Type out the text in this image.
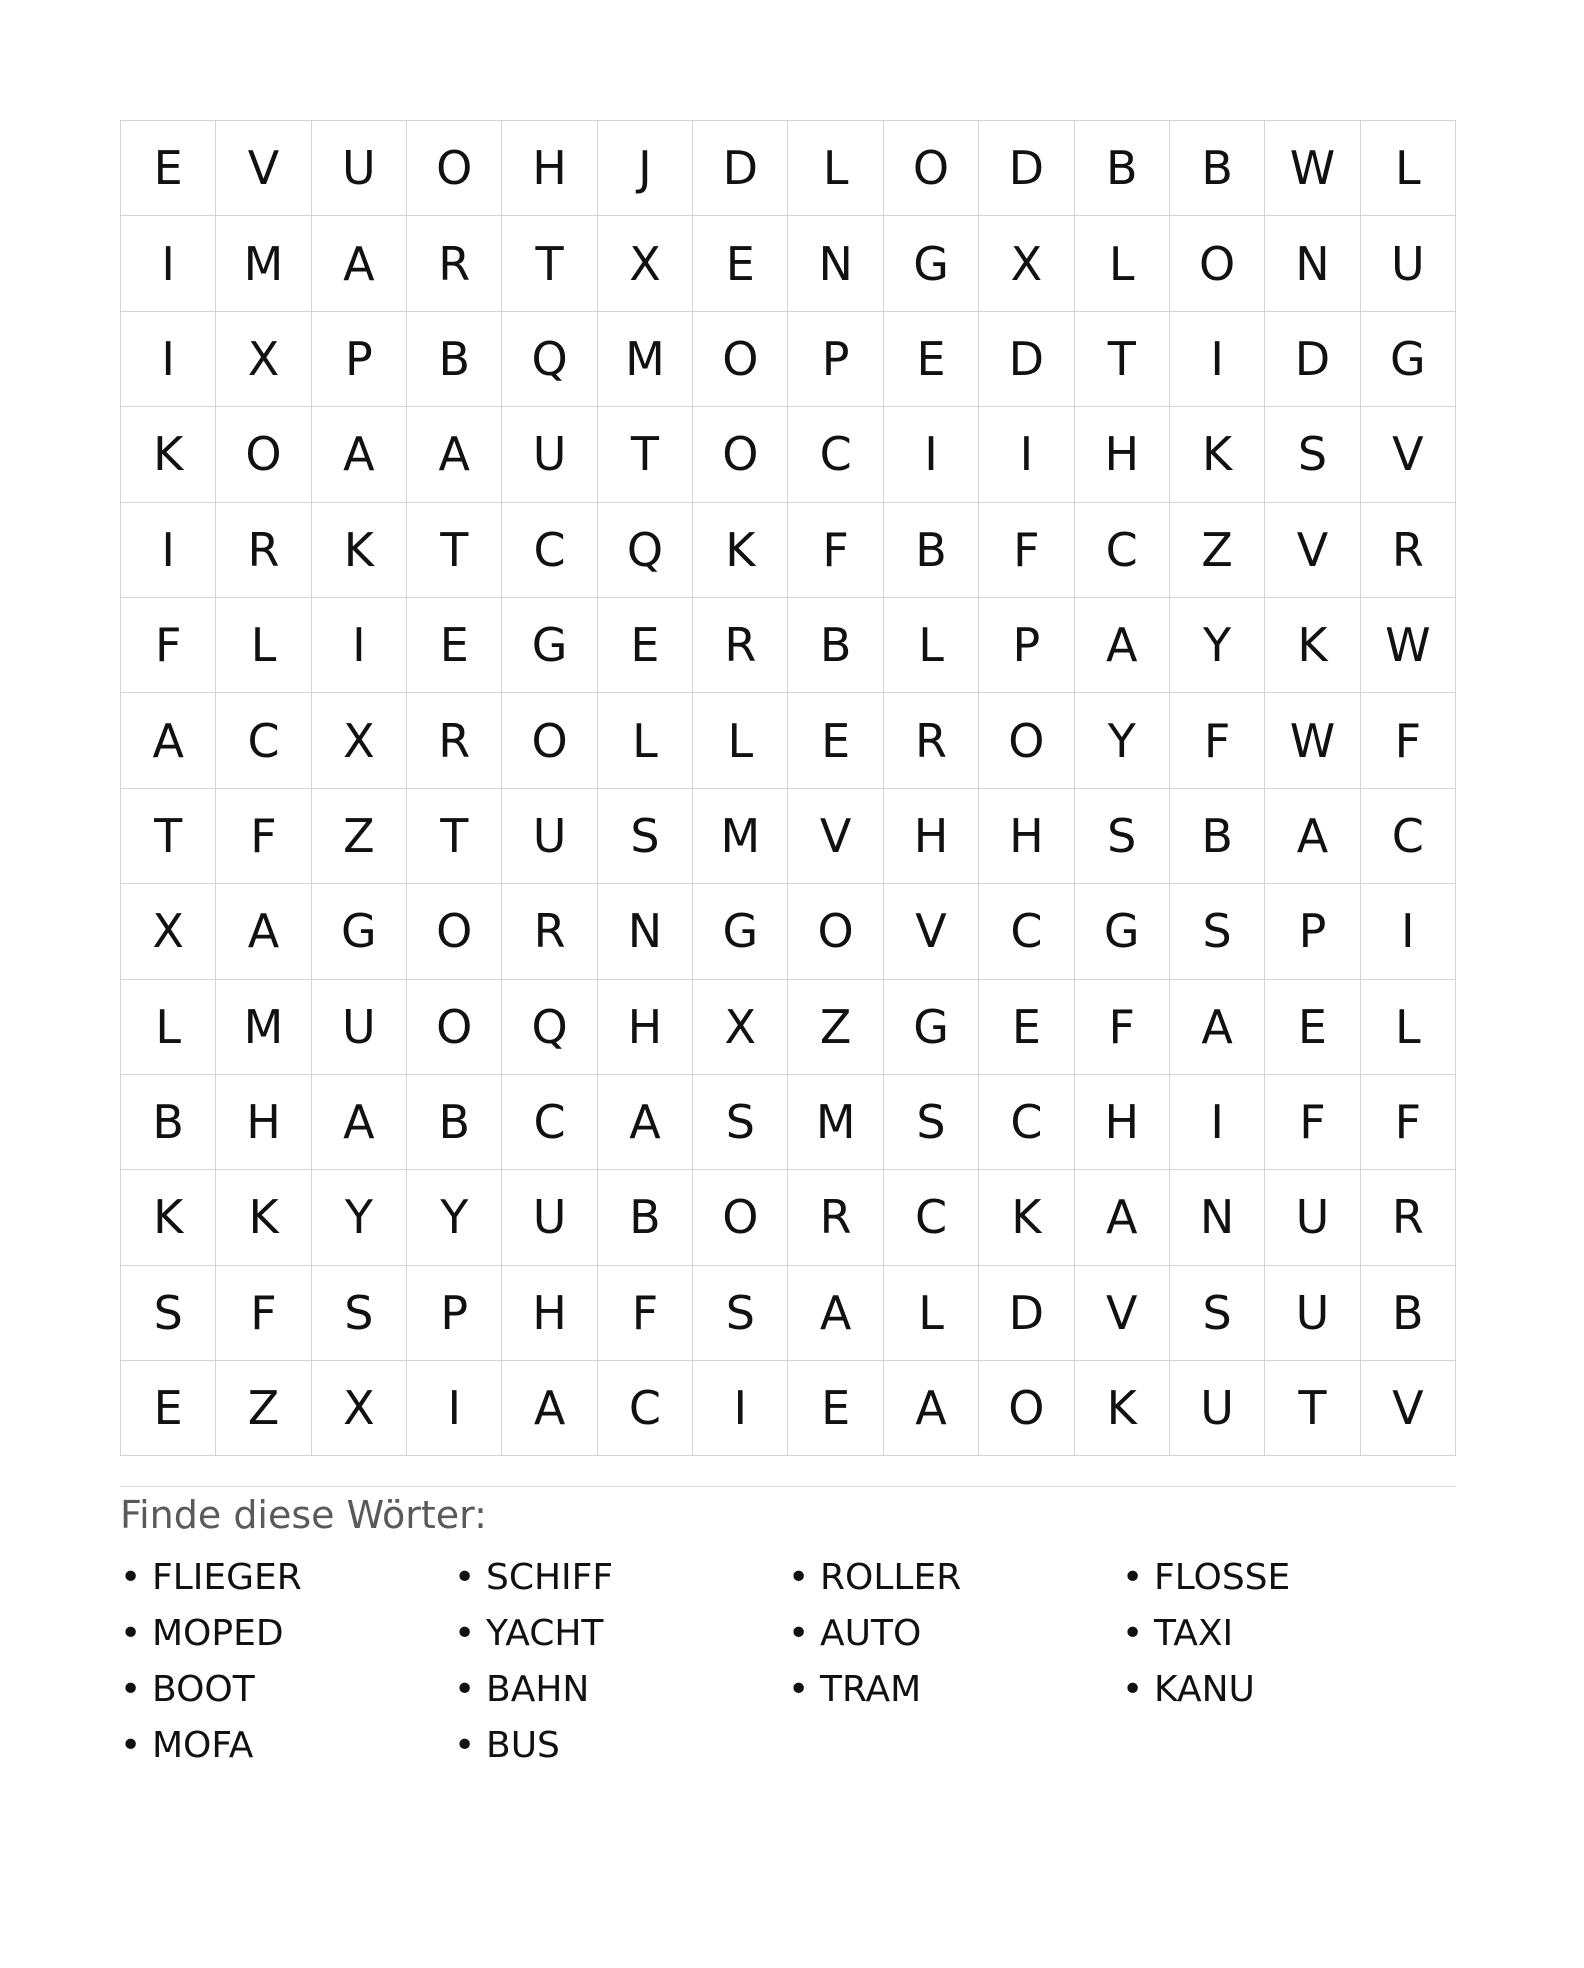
E	V	U	O	H	J	D	L	O	D	B	B	W	L
I	M	A	R	T	X	E	N	G	X	L	O	N	U
I	X	P	B	Q	M	O	P	E	D	T	I	D	G
K	O	A	A	U	T	O	C	I	I	H	K	S	V
I	R	K	T	C	Q	K	F	B	F	C	Z	V	R
F	L	I	E	G	E	R	B	L	P	A	Y	K	W
A	C	X	R	O	L	L	E	R	O	Y	F	W	F
T	F	Z	T	U	S	M	V	H	H	S	B	A	C
X	A	G	O	R	N	G	O	V	C	G	S	P	I
L	M	U	O	Q	H	X	Z	G	E	F	A	E	L
B	H	A	B	C	A	S	M	S	C	H	I	F	F
K	K	Y	Y	U	B	O	R	C	K	A	N	U	R
S	F	S	P	H	F	S	A	L	D	V	S	U	B
E	Z	X	I	A	C	I	E	A	O	K	U	T	V
Finde diese Wörter:
• FLIEGER	• SCHIFF	• ROLLER	• FLOSSE
• MOPED	• YACHT	• AUTO	• TAXI
• BOOT	• BAHN	• TRAM	• KANU
• MOFA	• BUS
